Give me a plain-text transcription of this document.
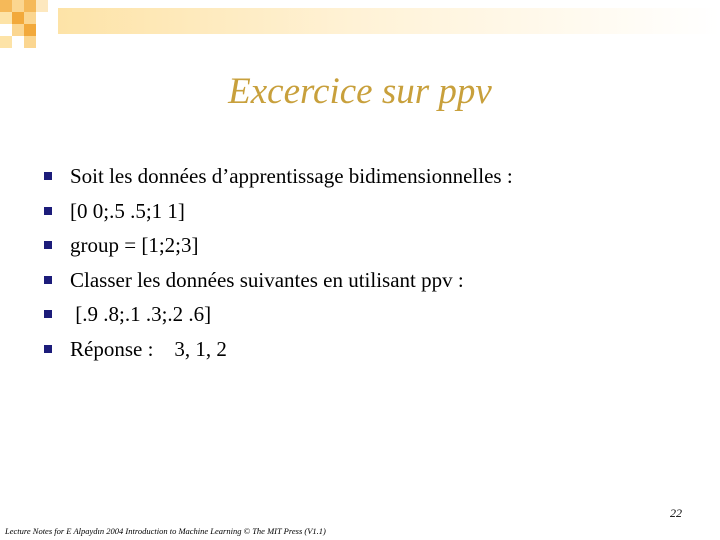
Excercice sur ppv
Soit les données d’apprentissage bidimensionnelles :
[0 0;.5 .5;1 1]
group = [1;2;3]
Classer les données suivantes en utilisant ppv :
[.9 .8;.1 .3;.2 .6]
Réponse :    3, 1, 2
22
Lecture Notes for E Alpaydın 2004 Introduction to Machine Learning © The MIT Press (V1.1)
